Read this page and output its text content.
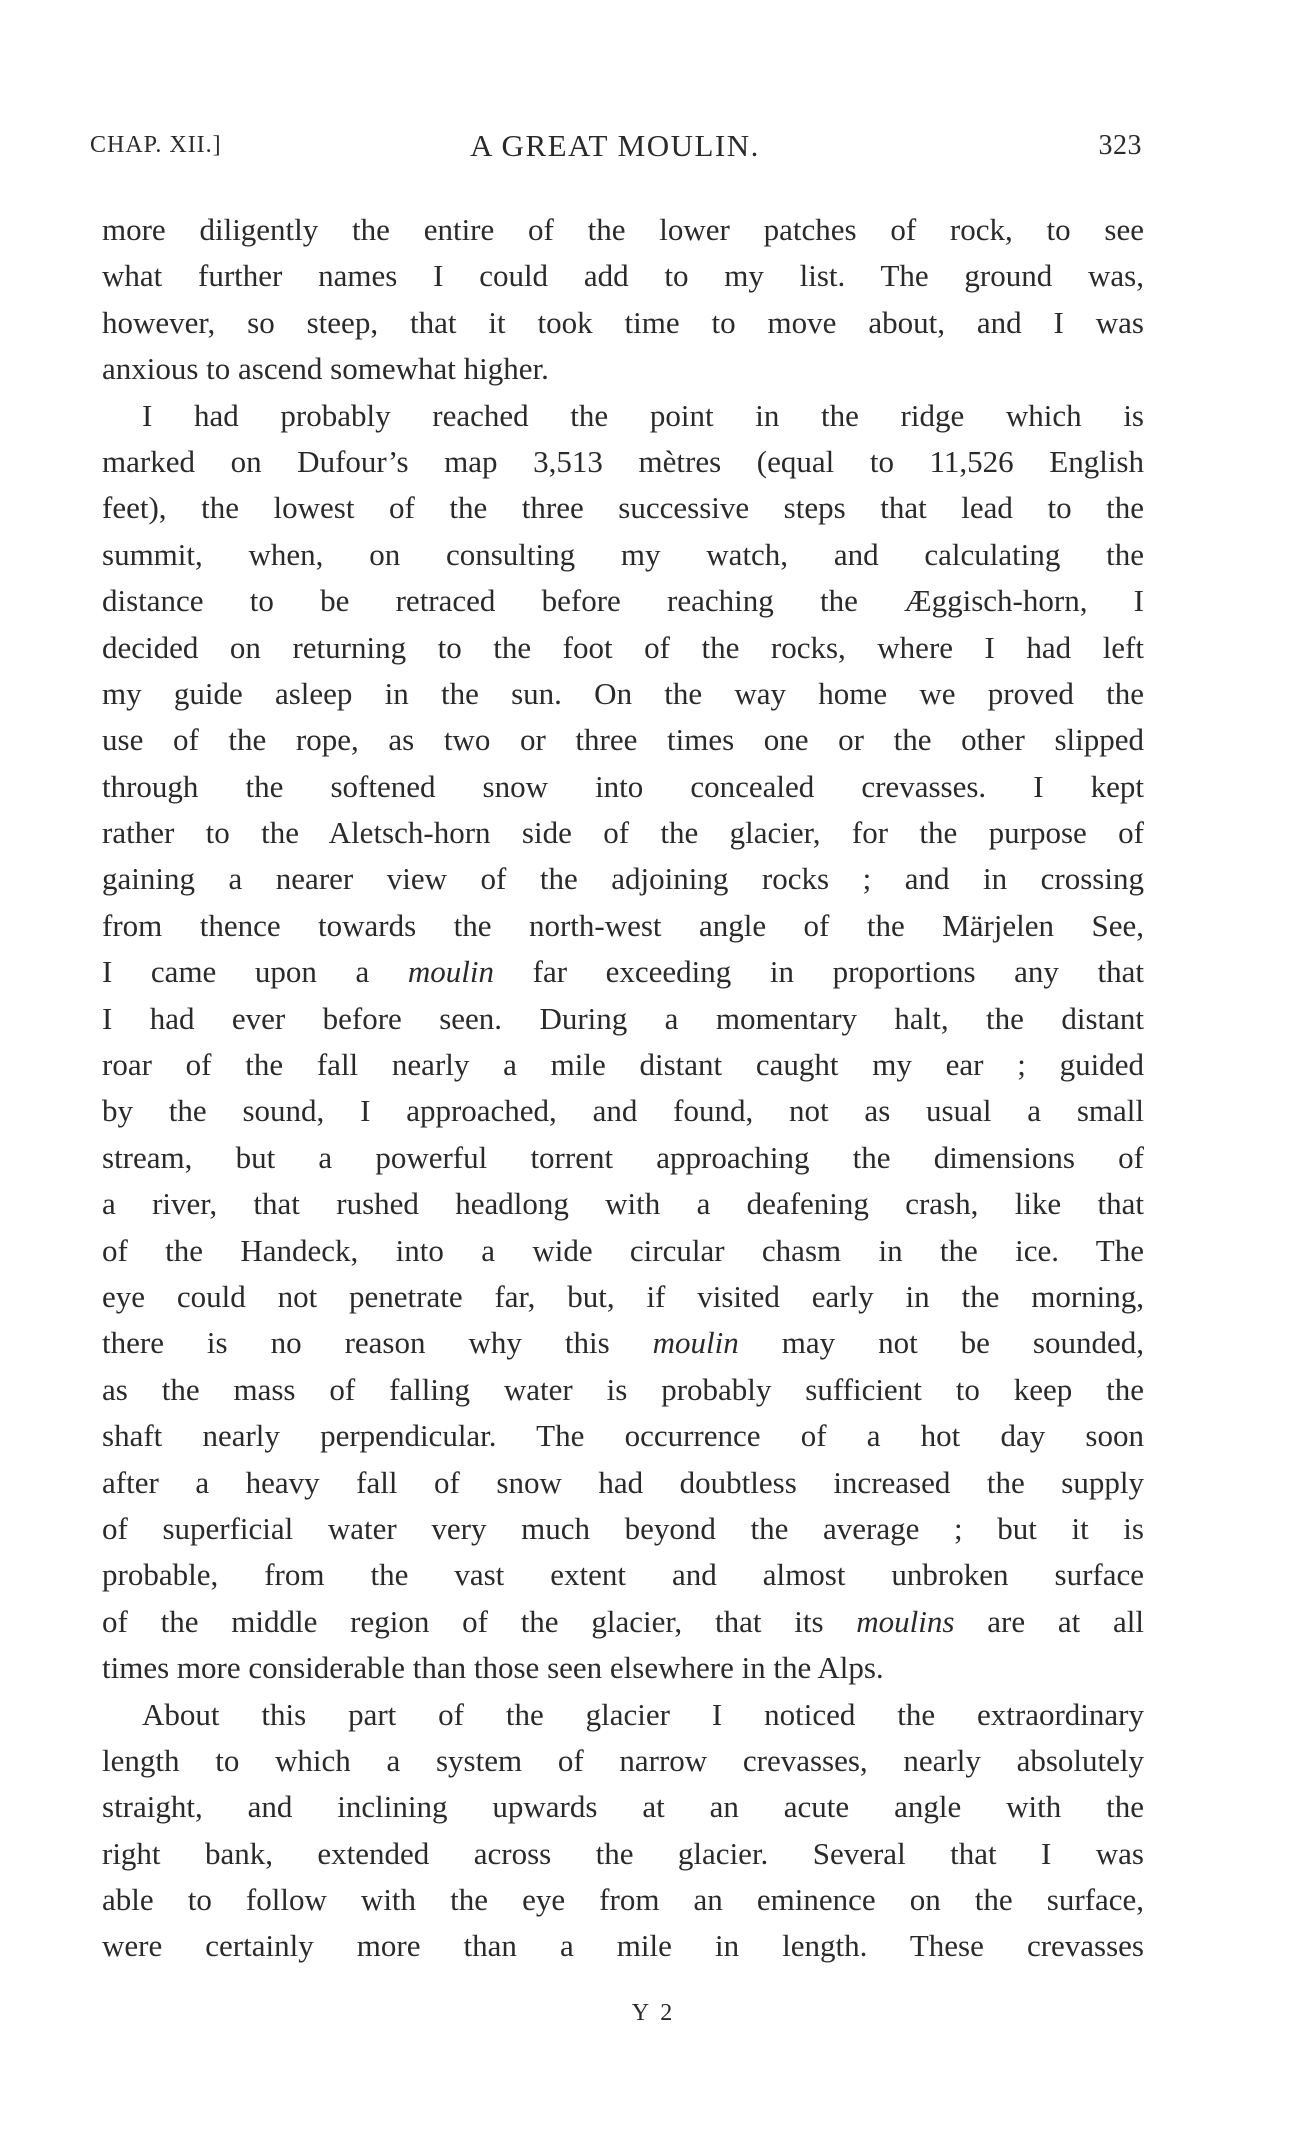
CHAP. XII.]	A GREAT MOULIN.	323
more diligently the entire of the lower patches of rock, to see
what further names I could add to my list. The ground was,
however, so steep, that it took time to move about, and I was
anxious to ascend somewhat higher.
I had probably reached the point in the ridge which is
marked on Dufour’s map 3,513 mètres (equal to 11,526 English
feet), the lowest of the three successive steps that lead to the
summit, when, on consulting my watch, and calculating the
distance to be retraced before reaching the Æggisch-horn, I
decided on returning to the foot of the rocks, where I had left
my guide asleep in the sun. On the way home we proved the
use of the rope, as two or three times one or the other slipped
through the softened snow into concealed crevasses. I kept
rather to the Aletsch-horn side of the glacier, for the purpose of
gaining a nearer view of the adjoining rocks ; and in crossing
from thence towards the north-west angle of the Märjelen See,
I came upon a moulin far exceeding in proportions any that
I had ever before seen. During a momentary halt, the distant
roar of the fall nearly a mile distant caught my ear ; guided
by the sound, I approached, and found, not as usual a small
stream, but a powerful torrent approaching the dimensions of
a river, that rushed headlong with a deafening crash, like that
of the Handeck, into a wide circular chasm in the ice. The
eye could not penetrate far, but, if visited early in the morning,
there is no reason why this moulin may not be sounded,
as the mass of falling water is probably sufficient to keep the
shaft nearly perpendicular. The occurrence of a hot day soon
after a heavy fall of snow had doubtless increased the supply
of superficial water very much beyond the average ; but it is
probable, from the vast extent and almost unbroken surface
of the middle region of the glacier, that its moulins are at all
times more considerable than those seen elsewhere in the Alps.
About this part of the glacier I noticed the extraordinary
length to which a system of narrow crevasses, nearly absolutely
straight, and inclining upwards at an acute angle with the
right bank, extended across the glacier. Several that I was
able to follow with the eye from an eminence on the surface,
were certainly more than a mile in length. These crevasses
Y 2
